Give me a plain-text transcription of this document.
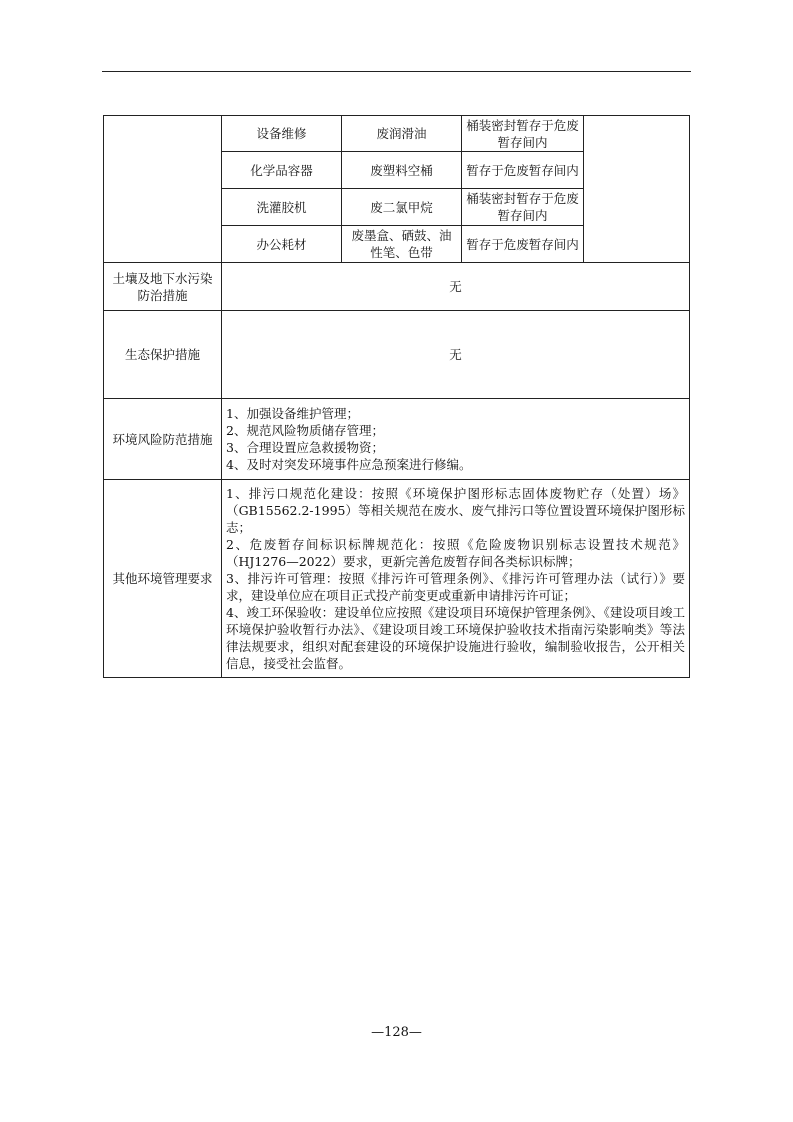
	设备维修	废润滑油	桶装密封暂存于危废暂存间内	
	化学品容器	废塑料空桶	暂存于危废暂存间内	
	洗灌胶机	废二氯甲烷	桶装密封暂存于危废暂存间内	
	办公耗材	废墨盒、硒鼓、油性笔、色带	暂存于危废暂存间内	
土壤及地下水污染防治措施	无			
生态保护措施	无			
环境风险防范措施	1、加强设备维护管理；
2、规范风险物质储存管理；
3、合理设置应急救援物资；
4、及时对突发环境事件应急预案进行修编。			

其他环境管理要求	1、排污口规范化建设：按照《环境保护图形标志固体废物贮存（处置）场》（GB15562.2-1995）等相关规范在废水、废气排污口等位置设置环境保护图形标志；
2、危废暂存间标识标牌规范化：按照《危险废物识别标志设置技术规范》（HJ1276—2022）要求，更新完善危废暂存间各类标识标牌；
3、排污许可管理：按照《排污许可管理条例》、《排污许可管理办法（试行）》要求，建设单位应在项目正式投产前变更或重新申请排污许可证；
4、竣工环保验收：建设单位应按照《建设项目环境保护管理条例》、《建设项目竣工环境保护验收暂行办法》、《建设项目竣工环境保护验收技术指南污染影响类》等法律法规要求，组织对配套建设的环境保护设施进行验收，编制验收报告，公开相关信息，接受社会监督。			
—128—
